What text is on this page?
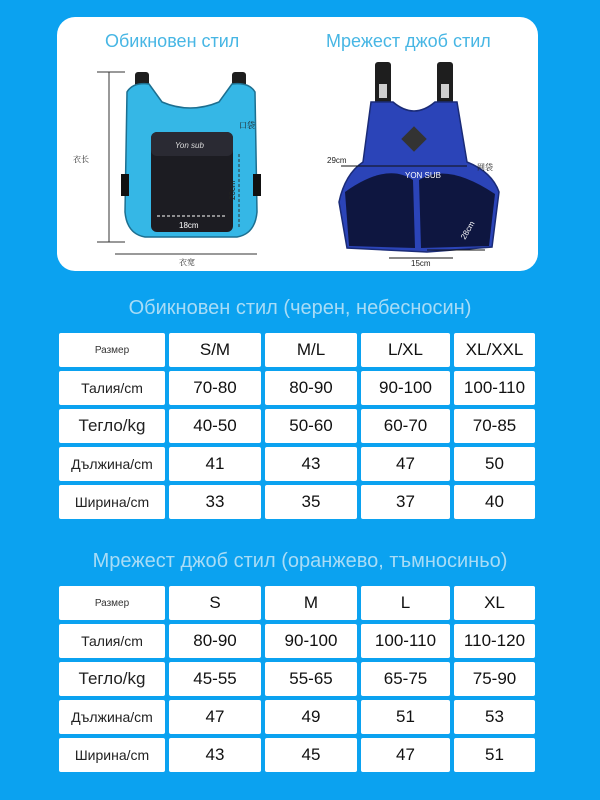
Обикновен стил	Мрежест джоб стил
衣长
衣宽
Yon sub
口袋
18cm
20cm
YON SUB
29cm
网袋
28cm
15cm
Обикновен стил (черен, небесносин)
Размер	S/M	M/L	L/XL	XL/XXL
Талия/cm	70-80	80-90	90-100	100-110
Тегло/kg	40-50	50-60	60-70	70-85
Дължина/cm	41	43	47	50
Ширина/cm	33	35	37	40
Мрежест джоб стил (оранжево, тъмносиньо)
Размер	S	M	L	XL
Талия/cm	80-90	90-100	100-110	110-120
Тегло/kg	45-55	55-65	65-75	75-90
Дължина/cm	47	49	51	53
Ширина/cm	43	45	47	51
